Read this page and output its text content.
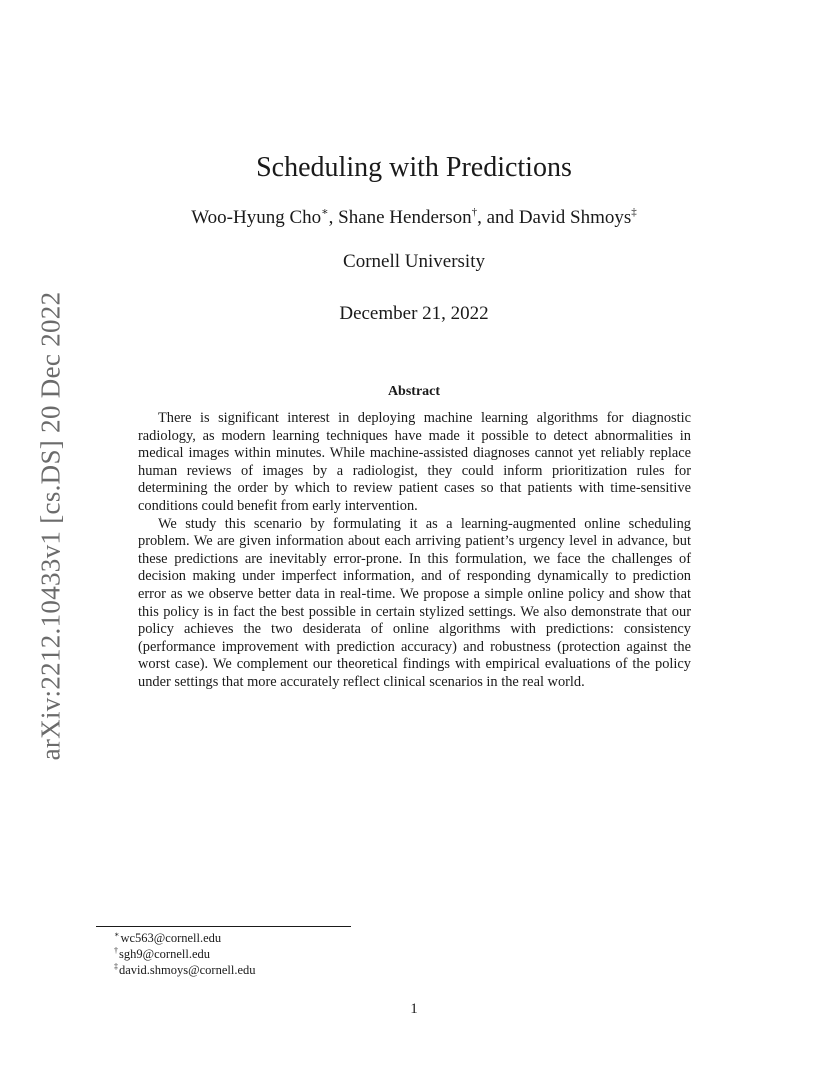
arXiv:2212.10433v1 [cs.DS] 20 Dec 2022
Scheduling with Predictions
Woo-Hyung Cho∗, Shane Henderson†, and David Shmoys‡
Cornell University
December 21, 2022
Abstract

There is significant interest in deploying machine learning algorithms for diagnostic radiology, as modern learning techniques have made it possible to detect abnormalities in medical images within minutes. While machine-assisted diagnoses cannot yet reliably replace human reviews of images by a radiologist, they could inform prioritization rules for determining the order by which to review patient cases so that patients with time-sensitive conditions could benefit from early intervention.

We study this scenario by formulating it as a learning-augmented online scheduling problem. We are given information about each arriving patient’s urgency level in advance, but these predictions are inevitably error-prone. In this formulation, we face the challenges of decision making under imperfect information, and of responding dynamically to prediction error as we observe better data in real-time. We propose a simple online policy and show that this policy is in fact the best possible in certain stylized settings. We also demonstrate that our policy achieves the two desiderata of online algorithms with predictions: consistency (performance improvement with prediction accuracy) and robustness (protection against the worst case). We complement our theoretical findings with empirical evaluations of the policy under settings that more accurately reflect clinical scenarios in the real world.

∗wc563@cornell.edu
†sgh9@cornell.edu
‡david.shmoys@cornell.edu
1
